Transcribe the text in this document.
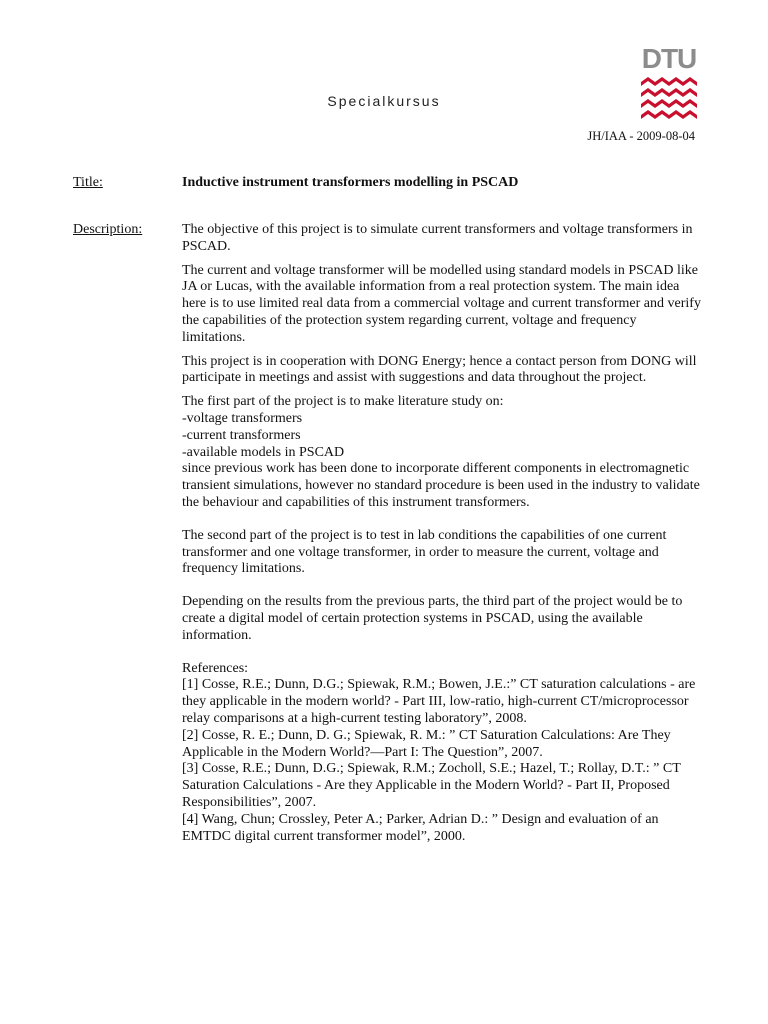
Specialkursus
DTU
JH/IAA - 2009-08-04
Title:	Inductive instrument transformers modelling in PSCAD
Description:	The objective of this project is to simulate current transformers and voltage transformers in PSCAD.

The current and voltage transformer will be modelled using standard models in PSCAD like JA or Lucas, with the available information from a real protection system. The main idea here is to use limited real data from a commercial voltage and current transformer and verify the capabilities of the protection system regarding current, voltage and frequency limitations.

This project is in cooperation with DONG Energy; hence a contact person from DONG will participate in meetings and assist with suggestions and data throughout the project.

The first part of the project is to make literature study on:
-voltage transformers
-current transformers
-available models in PSCAD
since previous work has been done to incorporate different components in electromagnetic transient simulations, however no standard procedure is been used in the industry to validate the behaviour and capabilities of this instrument transformers.

The second part of the project is to test in lab conditions the capabilities of one current transformer and one voltage transformer, in order to measure the current, voltage and frequency limitations.

Depending on the results from the previous parts, the third part of the project would be to create a digital model of certain protection systems in PSCAD, using the available information.

References:
[1] Cosse, R.E.; Dunn, D.G.; Spiewak, R.M.; Bowen, J.E.:” CT saturation calculations - are they applicable in the modern world? - Part III, low-ratio, high-current CT/microprocessor relay comparisons at a high-current testing laboratory”, 2008.
[2] Cosse, R. E.; Dunn, D. G.; Spiewak, R. M.: ” CT Saturation Calculations: Are They Applicable in the Modern World?—Part I: The Question”, 2007.
[3] Cosse, R.E.; Dunn, D.G.; Spiewak, R.M.; Zocholl, S.E.; Hazel, T.; Rollay, D.T.: ” CT Saturation Calculations - Are they Applicable in the Modern World? - Part II, Proposed Responsibilities”, 2007.
[4] Wang, Chun; Crossley, Peter A.; Parker, Adrian D.: ” Design and evaluation of an EMTDC digital current transformer model”, 2000.
